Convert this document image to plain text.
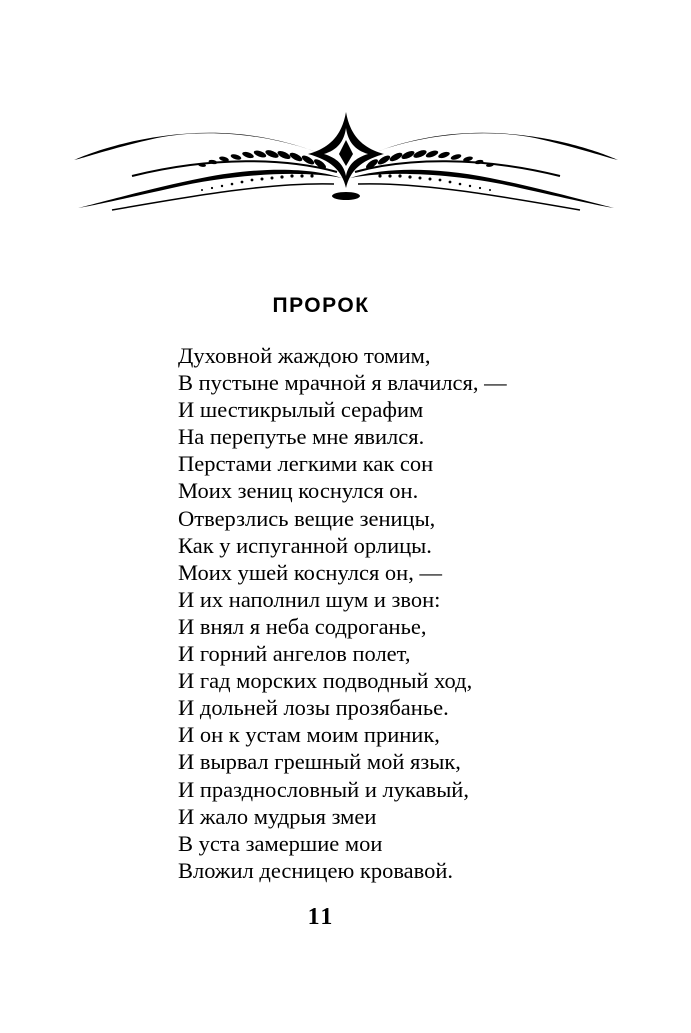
ПРОРОК
Духовной жаждою томим,
В пустыне мрачной я влачился, —
И шестикрылый серафим
На перепутье мне явился.
Перстами легкими как сон
Моих зениц коснулся он.
Отверзлись вещие зеницы,
Как у испуганной орлицы.
Моих ушей коснулся он, —
И их наполнил шум и звон:
И внял я неба содроганье,
И горний ангелов полет,
И гад морских подводный ход,
И дольней лозы прозябанье.
И он к устам моим приник,
И вырвал грешный мой язык,
И празднословный и лукавый,
И жало мудрыя змеи
В уста замершие мои
Вложил десницею кровавой.
11
